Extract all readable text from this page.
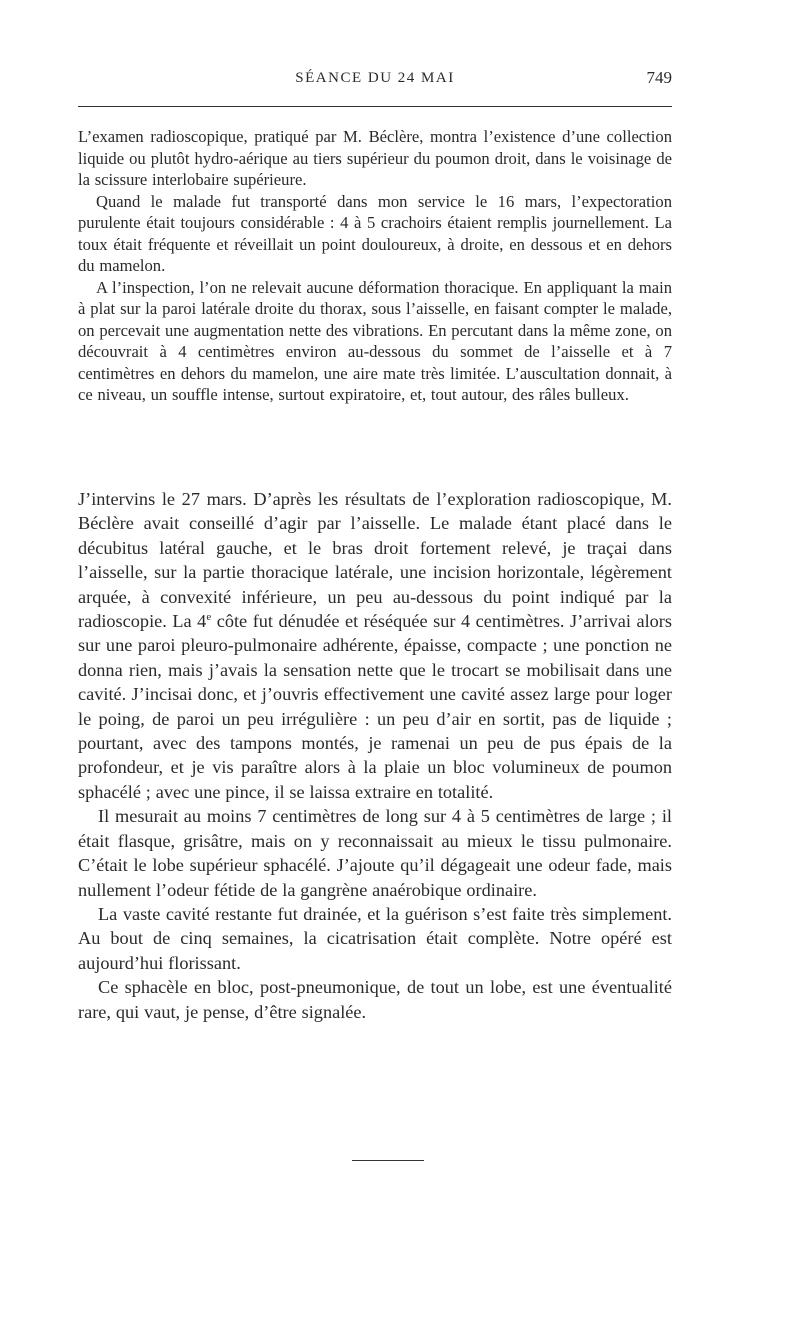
SÉANCE DU 24 MAI	749

L’examen radioscopique, pratiqué par M. Béclère, montra l’existence d’une collection liquide ou plutôt hydro-aérique au tiers supérieur du poumon droit, dans le voisinage de la scissure interlobaire supérieure.

Quand le malade fut transporté dans mon service le 16 mars, l’expectoration purulente était toujours considérable : 4 à 5 crachoirs étaient remplis journellement. La toux était fréquente et réveillait un point douloureux, à droite, en dessous et en dehors du mamelon.

A l’inspection, l’on ne relevait aucune déformation thoracique. En appliquant la main à plat sur la paroi latérale droite du thorax, sous l’aisselle, en faisant compter le malade, on percevait une augmentation nette des vibrations. En percutant dans la même zone, on découvrait à 4 centimètres environ au-dessous du sommet de l’aisselle et à 7 centimètres en dehors du mamelon, une aire mate très limitée. L’auscultation donnait, à ce niveau, un souffle intense, surtout expiratoire, et, tout autour, des râles bulleux.

J’intervins le 27 mars. D’après les résultats de l’exploration radioscopique, M. Béclère avait conseillé d’agir par l’aisselle. Le malade étant placé dans le décubitus latéral gauche, et le bras droit fortement relevé, je traçai dans l’aisselle, sur la partie thoracique latérale, une incision horizontale, légèrement arquée, à convexité inférieure, un peu au-dessous du point indiqué par la radioscopie. La 4e côte fut dénudée et réséquée sur 4 centimètres. J’arrivai alors sur une paroi pleuro-pulmonaire adhérente, épaisse, compacte ; une ponction ne donna rien, mais j’avais la sensation nette que le trocart se mobilisait dans une cavité. J’incisai donc, et j’ouvris effectivement une cavité assez large pour loger le poing, de paroi un peu irrégulière : un peu d’air en sortit, pas de liquide ; pourtant, avec des tampons montés, je ramenai un peu de pus épais de la profondeur, et je vis paraître alors à la plaie un bloc volumineux de poumon sphacélé ; avec une pince, il se laissa extraire en totalité.

Il mesurait au moins 7 centimètres de long sur 4 à 5 centimètres de large ; il était flasque, grisâtre, mais on y reconnaissait au mieux le tissu pulmonaire. C’était le lobe supérieur sphacélé. J’ajoute qu’il dégageait une odeur fade, mais nullement l’odeur fétide de la gangrène anaérobique ordinaire.

La vaste cavité restante fut drainée, et la guérison s’est faite très simplement. Au bout de cinq semaines, la cicatrisation était complète. Notre opéré est aujourd’hui florissant.

Ce sphacèle en bloc, post-pneumonique, de tout un lobe, est une éventualité rare, qui vaut, je pense, d’être signalée.
